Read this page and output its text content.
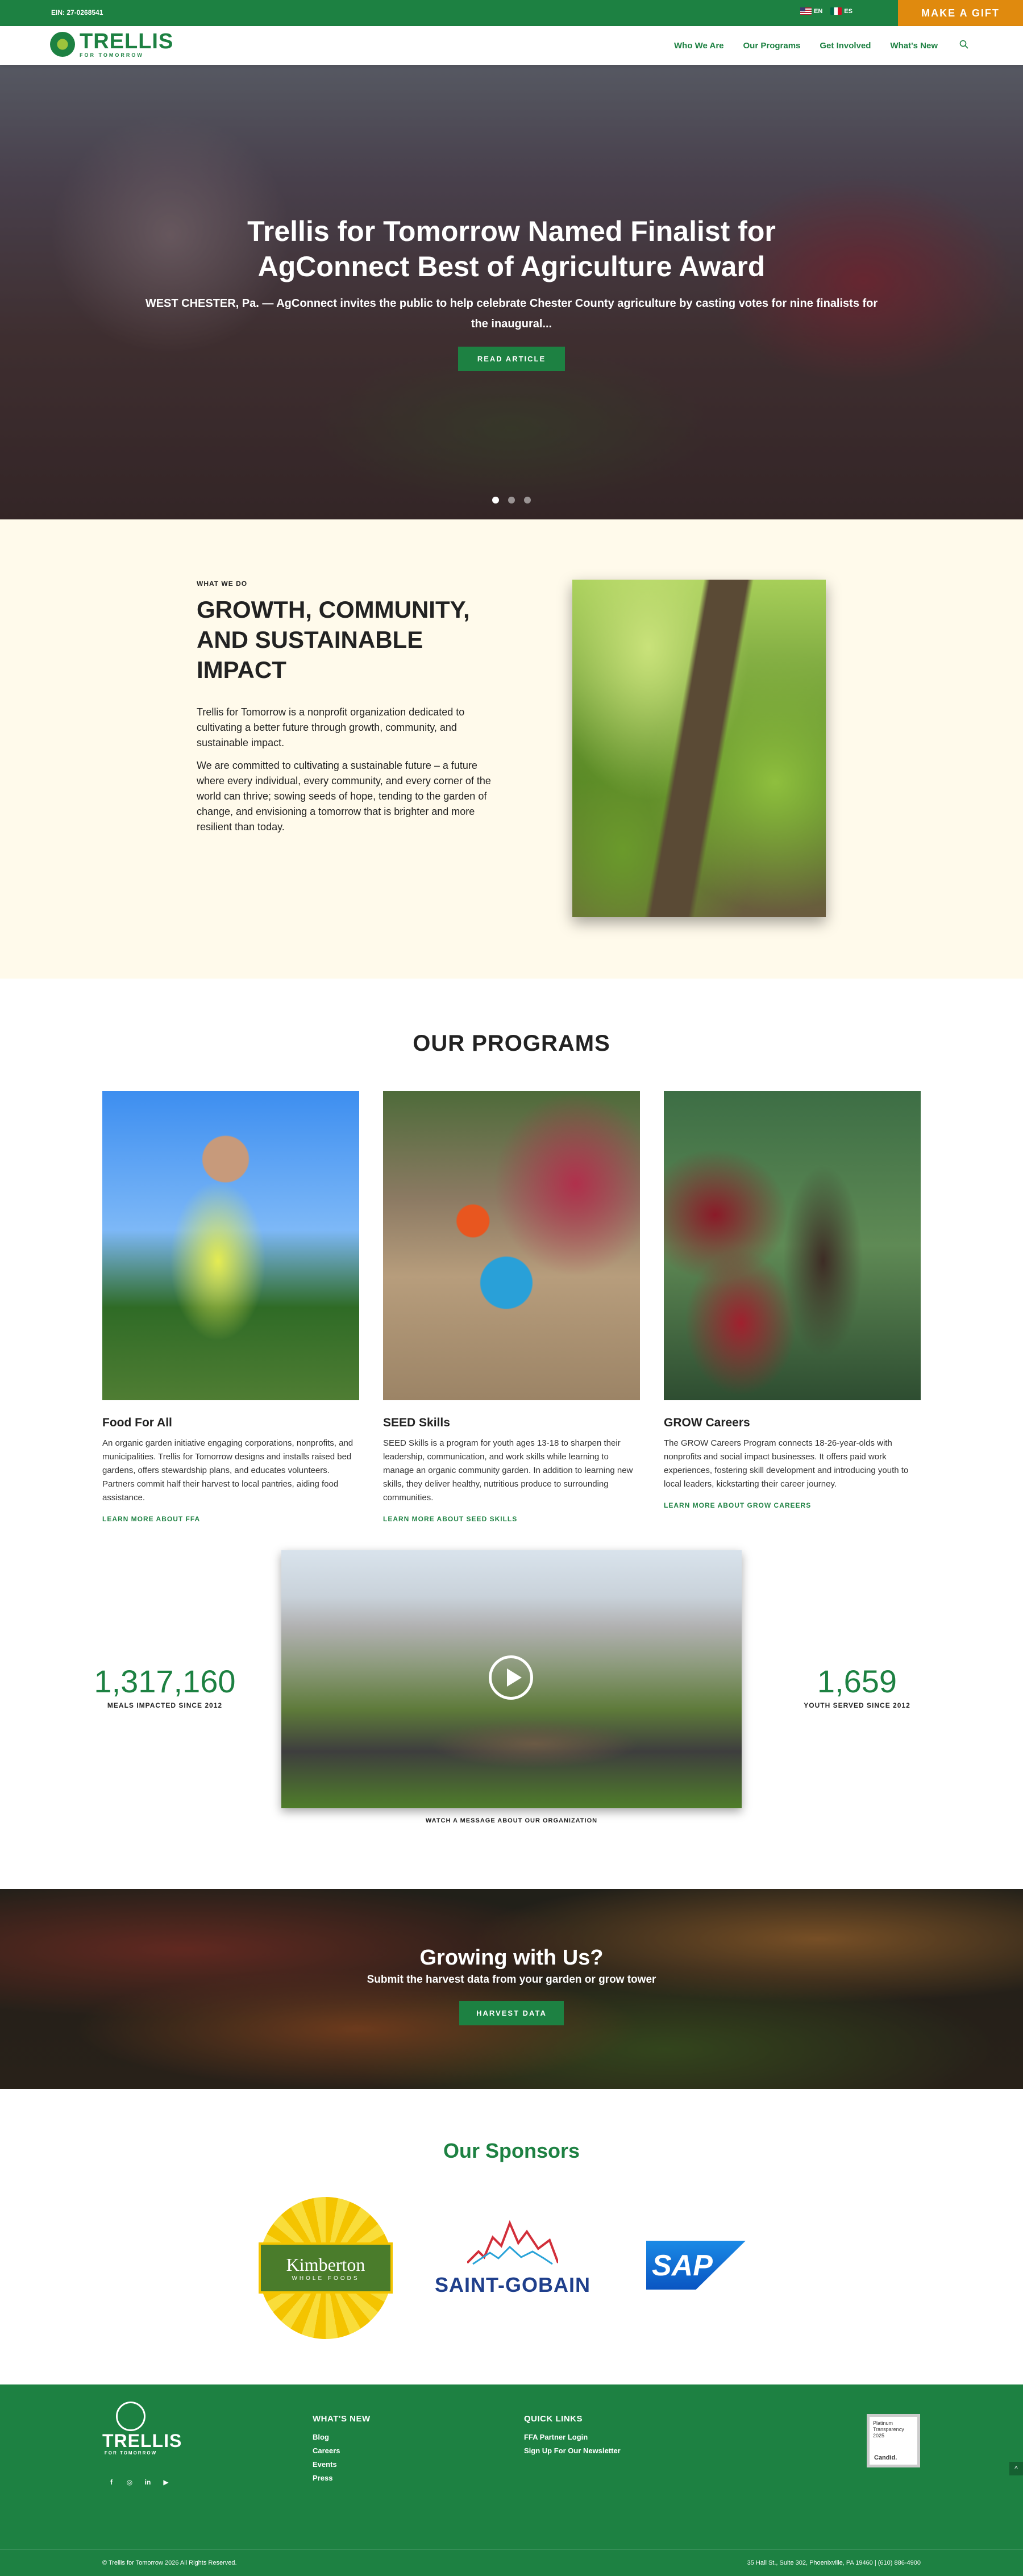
EIN: 27-0268541	EN	ES	MAKE A GIFT
TRELLIS
FOR TOMORROW
Who We Are Our Programs Get Involved What's New
Trellis for Tomorrow Named Finalist for AgConnect Best of Agriculture Award

WEST CHESTER, Pa. — AgConnect invites the public to help celebrate Chester County agriculture by casting votes for nine finalists for the inaugural...

READ ARTICLE
WHAT WE DO
GROWTH, COMMUNITY, AND SUSTAINABLE IMPACT

Trellis for Tomorrow is a nonprofit organization dedicated to cultivating a better future through growth, community, and sustainable impact.

We are committed to cultivating a sustainable future – a future where every individual, every community, and every corner of the world can thrive; sowing seeds of hope, tending to the garden of change, and envisioning a tomorrow that is brighter and more resilient than today.

OUR PROGRAMS
Food For All

An organic garden initiative engaging corporations, nonprofits, and municipalities. Trellis for Tomorrow designs and installs raised bed gardens, offers stewardship plans, and educates volunteers. Partners commit half their harvest to local pantries, aiding food assistance.

LEARN MORE ABOUT FFA
SEED Skills

SEED Skills is a program for youth ages 13-18 to sharpen their leadership, communication, and work skills while learning to manage an organic community garden. In addition to learning new skills, they deliver healthy, nutritious produce to surrounding communities.

LEARN MORE ABOUT SEED SKILLS
GROW Careers

The GROW Careers Program connects 18-26-year-olds with nonprofits and social impact businesses. It offers paid work experiences, fostering skill development and introducing youth to local leaders, kickstarting their career journey.

LEARN MORE ABOUT GROW CAREERS
1,317,160
MEALS IMPACTED SINCE 2012
WATCH A MESSAGE ABOUT OUR ORGANIZATION
1,659
YOUTH SERVED SINCE 2012
Growing with Us?

Submit the harvest data from your garden or grow tower

HARVEST DATA
Our Sponsors
Kimberton
WHOLE FOODS	SAINT-GOBAIN
SAP
TRELLIS
FOR TOMORROW
f	◎ in ▶
WHAT'S NEW
Blog
Careers
Events
Press
QUICK LINKS
FFA Partner Login
Sign Up For Our Newsletter
Platinum
Transparency
2025
Candid.
^
© Trellis for Tomorrow 2026 All Rights Reserved.	35 Hall St., Suite 302, Phoenixville, PA 19460 | (610) 886-4900
